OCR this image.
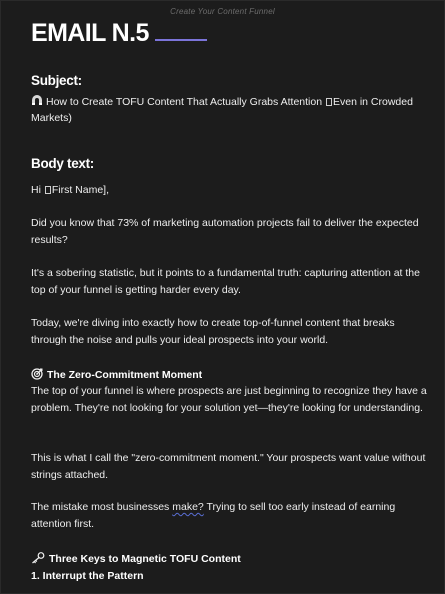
Create Your Content Funnel
EMAIL N.5
Subject:
How to Create TOFU Content That Actually Grabs Attention Even in Crowded Markets)
Body text:

Hi First Name],

Did you know that 73% of marketing automation projects fail to deliver the expected results?

It's a sobering statistic, but it points to a fundamental truth: capturing attention at the top of your funnel is getting harder every day.

Today, we're diving into exactly how to create top-of-funnel content that breaks through the noise and pulls your ideal prospects into your world.

The Zero-Commitment Moment

The top of your funnel is where prospects are just beginning to recognize they have a problem. They're not looking for your solution yet—they're looking for understanding.

This is what I call the "zero-commitment moment." Your prospects want value without strings attached.

The mistake most businesses make? Trying to sell too early instead of earning attention first.

Three Keys to Magnetic TOFU Content
1. Interrupt the Pattern
